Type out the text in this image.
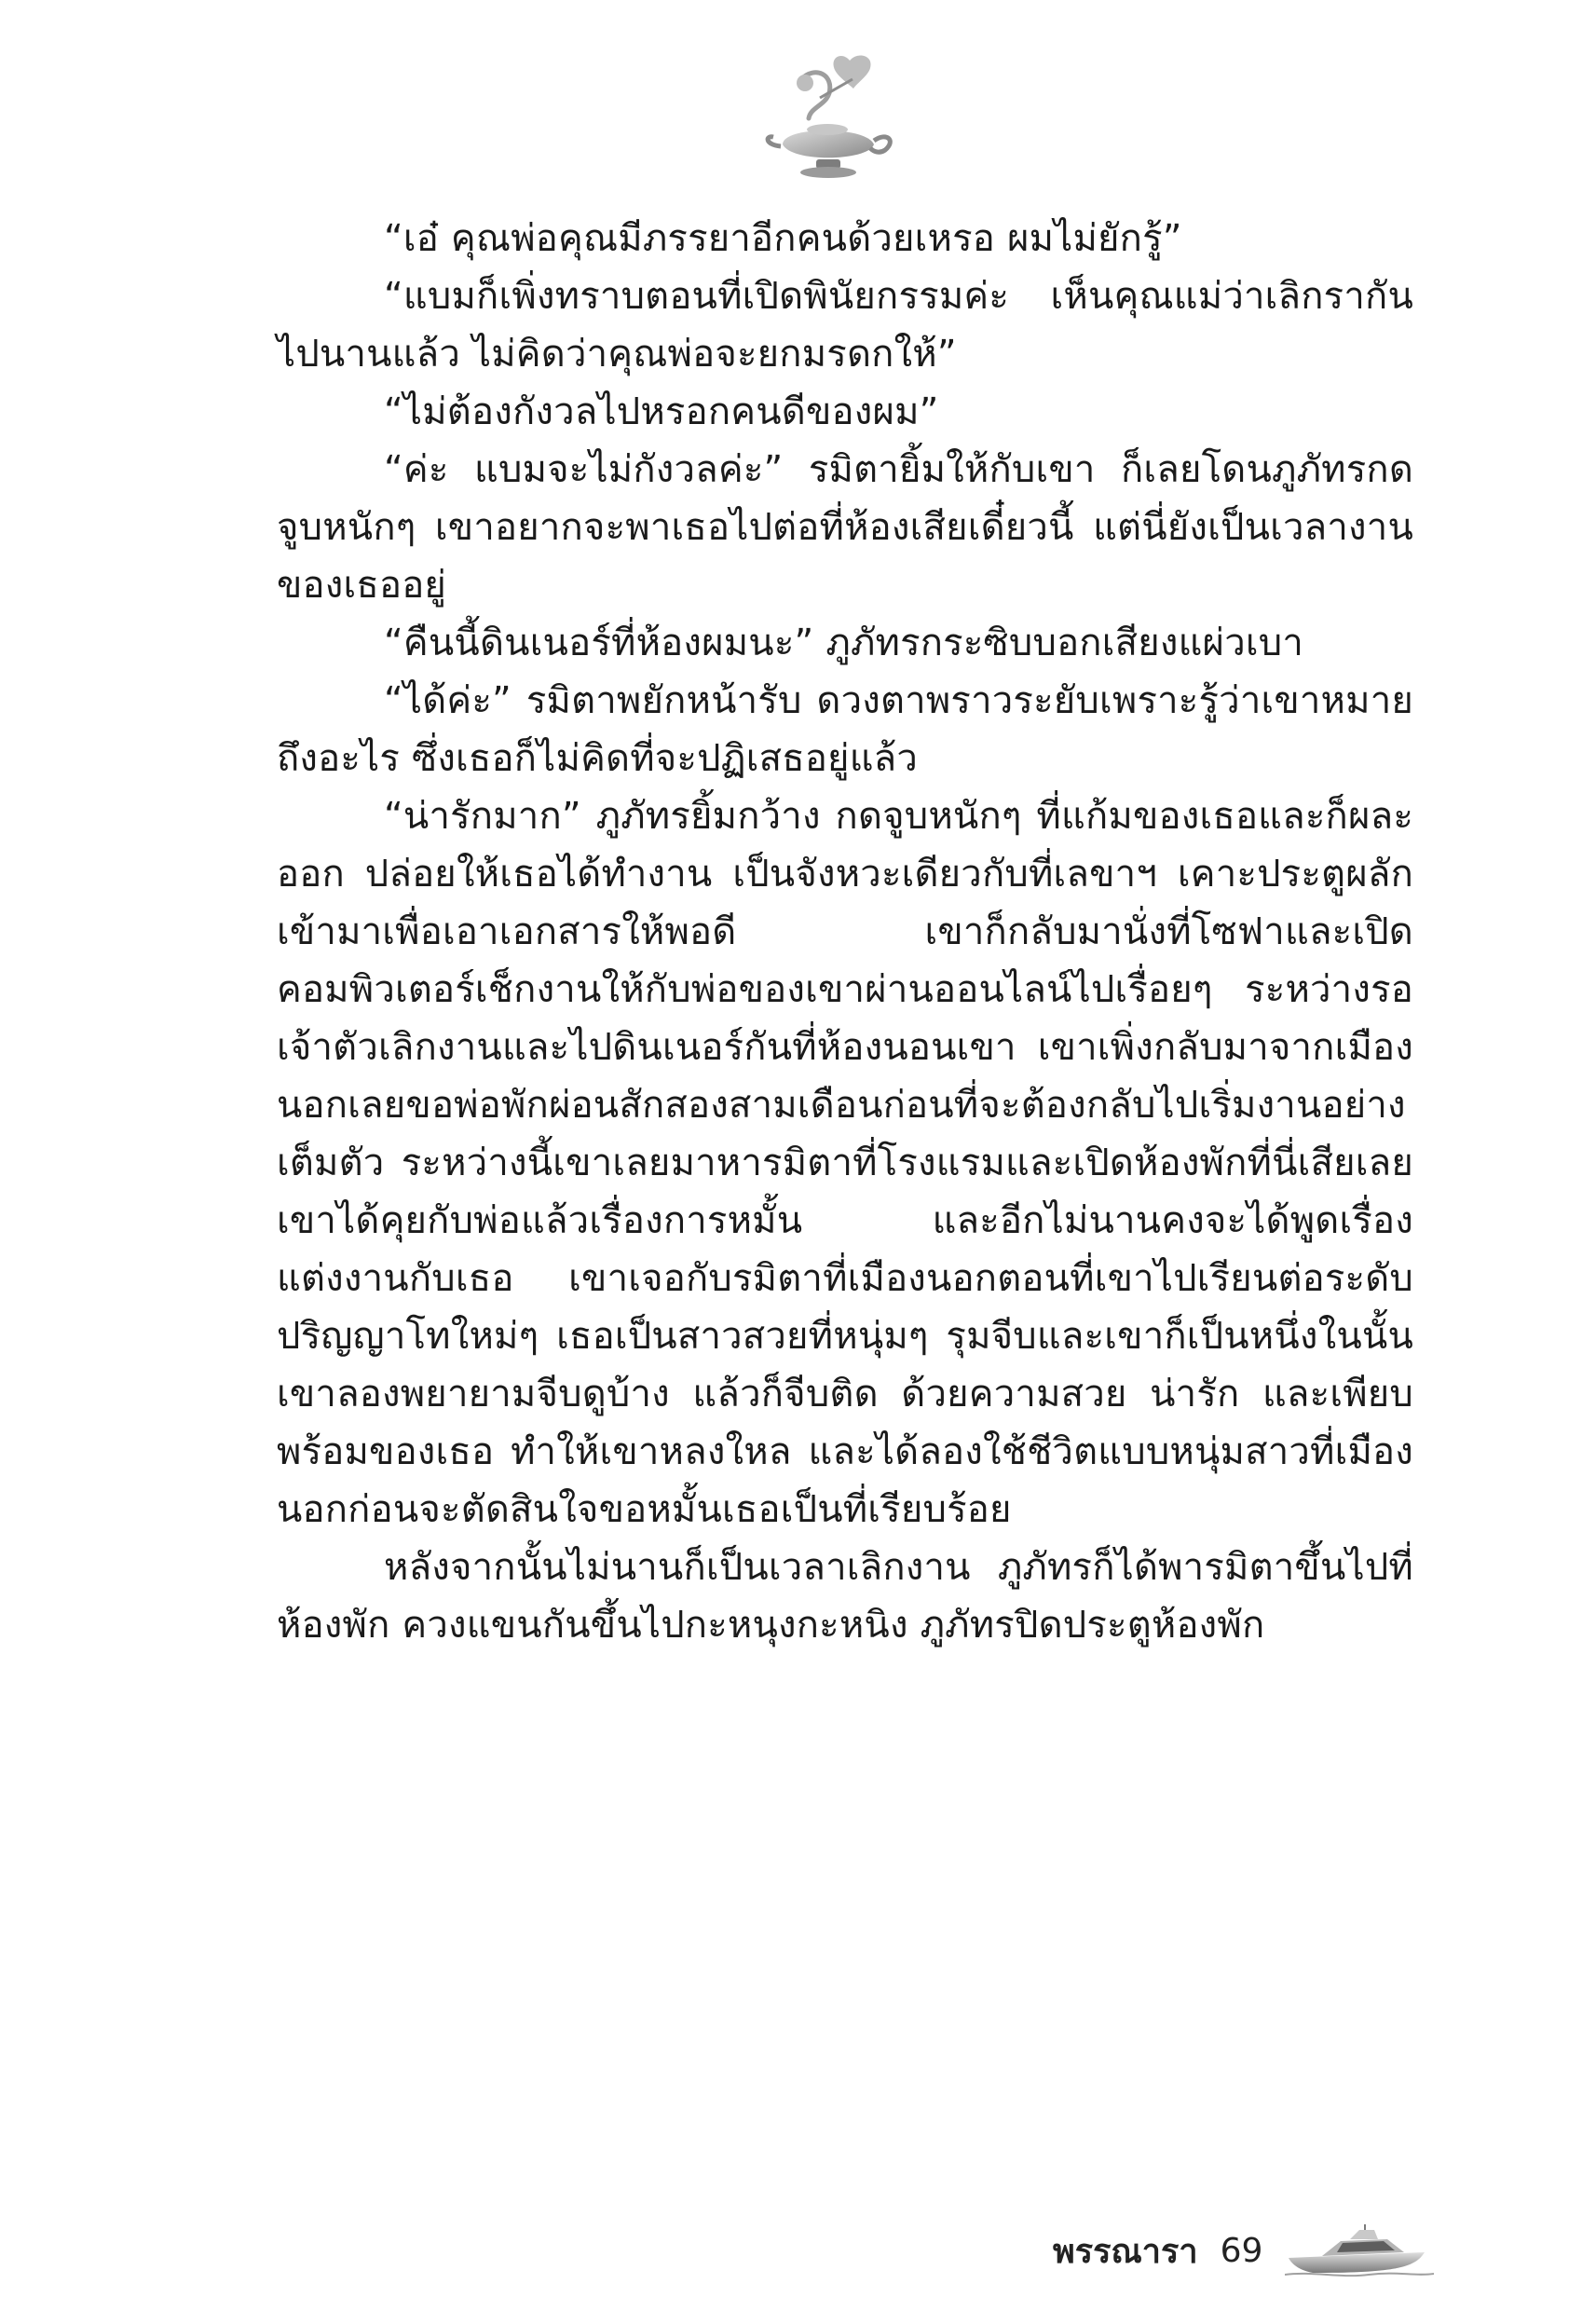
“เอ๋ คุณพ่อคุณมีภรรยาอีกคนด้วยเหรอ ผมไม่ยักรู้”

“แบมก็เพิ่งทราบตอนที่เปิดพินัยกรรมค่ะ เห็นคุณแม่ว่าเลิกรากันไปนานแล้ว ไม่คิดว่าคุณพ่อจะยกมรดกให้”

“ไม่ต้องกังวลไปหรอกคนดีของผม”

“ค่ะ แบมจะไม่กังวลค่ะ” รมิตายิ้มให้กับเขา ก็เลยโดนภูภัทรกดจูบหนักๆ เขาอยากจะพาเธอไปต่อที่ห้องเสียเดี๋ยวนี้ แต่นี่ยังเป็นเวลางานของเธออยู่

“คืนนี้ดินเนอร์ที่ห้องผมนะ” ภูภัทรกระซิบบอกเสียงแผ่วเบา

“ได้ค่ะ” รมิตาพยักหน้ารับ ดวงตาพราวระยับเพราะรู้ว่าเขาหมายถึงอะไร ซึ่งเธอก็ไม่คิดที่จะปฏิเสธอยู่แล้ว

“น่ารักมาก” ภูภัทรยิ้มกว้าง กดจูบหนักๆ ที่แก้มของเธอและก็ผละออก ปล่อยให้เธอได้ทำงาน เป็นจังหวะเดียวกับที่เลขาฯ เคาะประตูผลักเข้ามาเพื่อเอาเอกสารให้พอดี เขาก็กลับมานั่งที่โซฟาและเปิดคอมพิวเตอร์เช็กงานให้กับพ่อของเขาผ่านออนไลน์ไปเรื่อยๆ ระหว่างรอเจ้าตัวเลิกงานและไปดินเนอร์กันที่ห้องนอนเขา เขาเพิ่งกลับมาจากเมืองนอกเลยขอพ่อพักผ่อนสักสองสามเดือนก่อนที่จะต้องกลับไปเริ่มงานอย่างเต็มตัว ระหว่างนี้เขาเลยมาหารมิตาที่โรงแรมและเปิดห้องพักที่นี่เสียเลย เขาได้คุยกับพ่อแล้วเรื่องการหมั้น และอีกไม่นานคงจะได้พูดเรื่องแต่งงานกับเธอ เขาเจอกับรมิตาที่เมืองนอกตอนที่เขาไปเรียนต่อระดับปริญญาโทใหม่ๆ เธอเป็นสาวสวยที่หนุ่มๆ รุมจีบและเขาก็เป็นหนึ่งในนั้น เขาลองพยายามจีบดูบ้าง แล้วก็จีบติด ด้วยความสวย น่ารัก และเพียบพร้อมของเธอ ทำให้เขาหลงใหล และได้ลองใช้ชีวิตแบบหนุ่มสาวที่เมืองนอกก่อนจะตัดสินใจขอหมั้นเธอเป็นที่เรียบร้อย

หลังจากนั้นไม่นานก็เป็นเวลาเลิกงาน ภูภัทรก็ได้พารมิตาขึ้นไปที่ห้องพัก ควงแขนกันขึ้นไปกะหนุงกะหนิง ภูภัทรปิดประตูห้องพัก

พรรณารา 69
